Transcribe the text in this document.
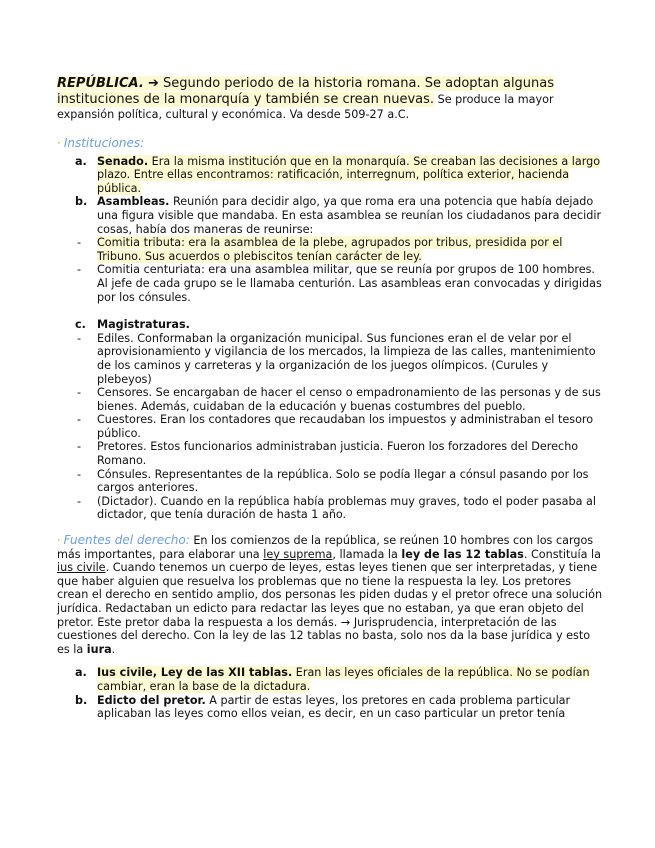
REPÚBLICA. ➔ Segundo periodo de la historia romana. Se adoptan algunas instituciones de la monarquía y también se crean nuevas. Se produce la mayor expansión política, cultural y económica. Va desde 509-27 a.C.
· Instituciones:
a. Senado. Era la misma institución que en la monarquía. Se creaban las decisiones a largo plazo. Entre ellas encontramos: ratificación, interregnum, política exterior, hacienda pública.
b. Asambleas. Reunión para decidir algo, ya que roma era una potencia que había dejado una figura visible que mandaba. En esta asamblea se reunían los ciudadanos para decidir cosas, había dos maneras de reunirse:
- Comitia tributa: era la asamblea de la plebe, agrupados por tribus, presidida por el Tribuno. Sus acuerdos o plebiscitos tenían carácter de ley.
- Comitia centuriata: era una asamblea militar, que se reunía por grupos de 100 hombres. Al jefe de cada grupo se le llamaba centurión. Las asambleas eran convocadas y dirigidas por los cónsules.
c. Magistraturas.
- Ediles. Conformaban la organización municipal. Sus funciones eran el de velar por el aprovisionamiento y vigilancia de los mercados, la limpieza de las calles, mantenimiento de los caminos y carreteras y la organización de los juegos olímpicos. (Curules y plebeyos)
- Censores. Se encargaban de hacer el censo o empadronamiento de las personas y de sus bienes. Además, cuidaban de la educación y buenas costumbres del pueblo.
- Cuestores. Eran los contadores que recaudaban los impuestos y administraban el tesoro público.
- Pretores. Estos funcionarios administraban justicia. Fueron los forzadores del Derecho Romano.
- Cónsules. Representantes de la república. Solo se podía llegar a cónsul pasando por los cargos anteriores.
- (Dictador). Cuando en la república había problemas muy graves, todo el poder pasaba al dictador, que tenía duración de hasta 1 año.
· Fuentes del derecho: En los comienzos de la república, se reúnen 10 hombres con los cargos más importantes, para elaborar una ley suprema, llamada la ley de las 12 tablas. Constituía la ius civile. Cuando tenemos un cuerpo de leyes, estas leyes tienen que ser interpretadas, y tiene que haber alguien que resuelva los problemas que no tiene la respuesta la ley. Los pretores crean el derecho en sentido amplio, dos personas les piden dudas y el pretor ofrece una solución jurídica. Redactaban un edicto para redactar las leyes que no estaban, ya que eran objeto del pretor. Este pretor daba la respuesta a los demás. → Jurisprudencia, interpretación de las cuestiones del derecho. Con la ley de las 12 tablas no basta, solo nos da la base jurídica y esto es la iura.
a. Ius civile, Ley de las XII tablas. Eran las leyes oficiales de la república. No se podían cambiar, eran la base de la dictadura.
b. Edicto del pretor. A partir de estas leyes, los pretores en cada problema particular aplicaban las leyes como ellos veian, es decir, en un caso particular un pretor tenía
